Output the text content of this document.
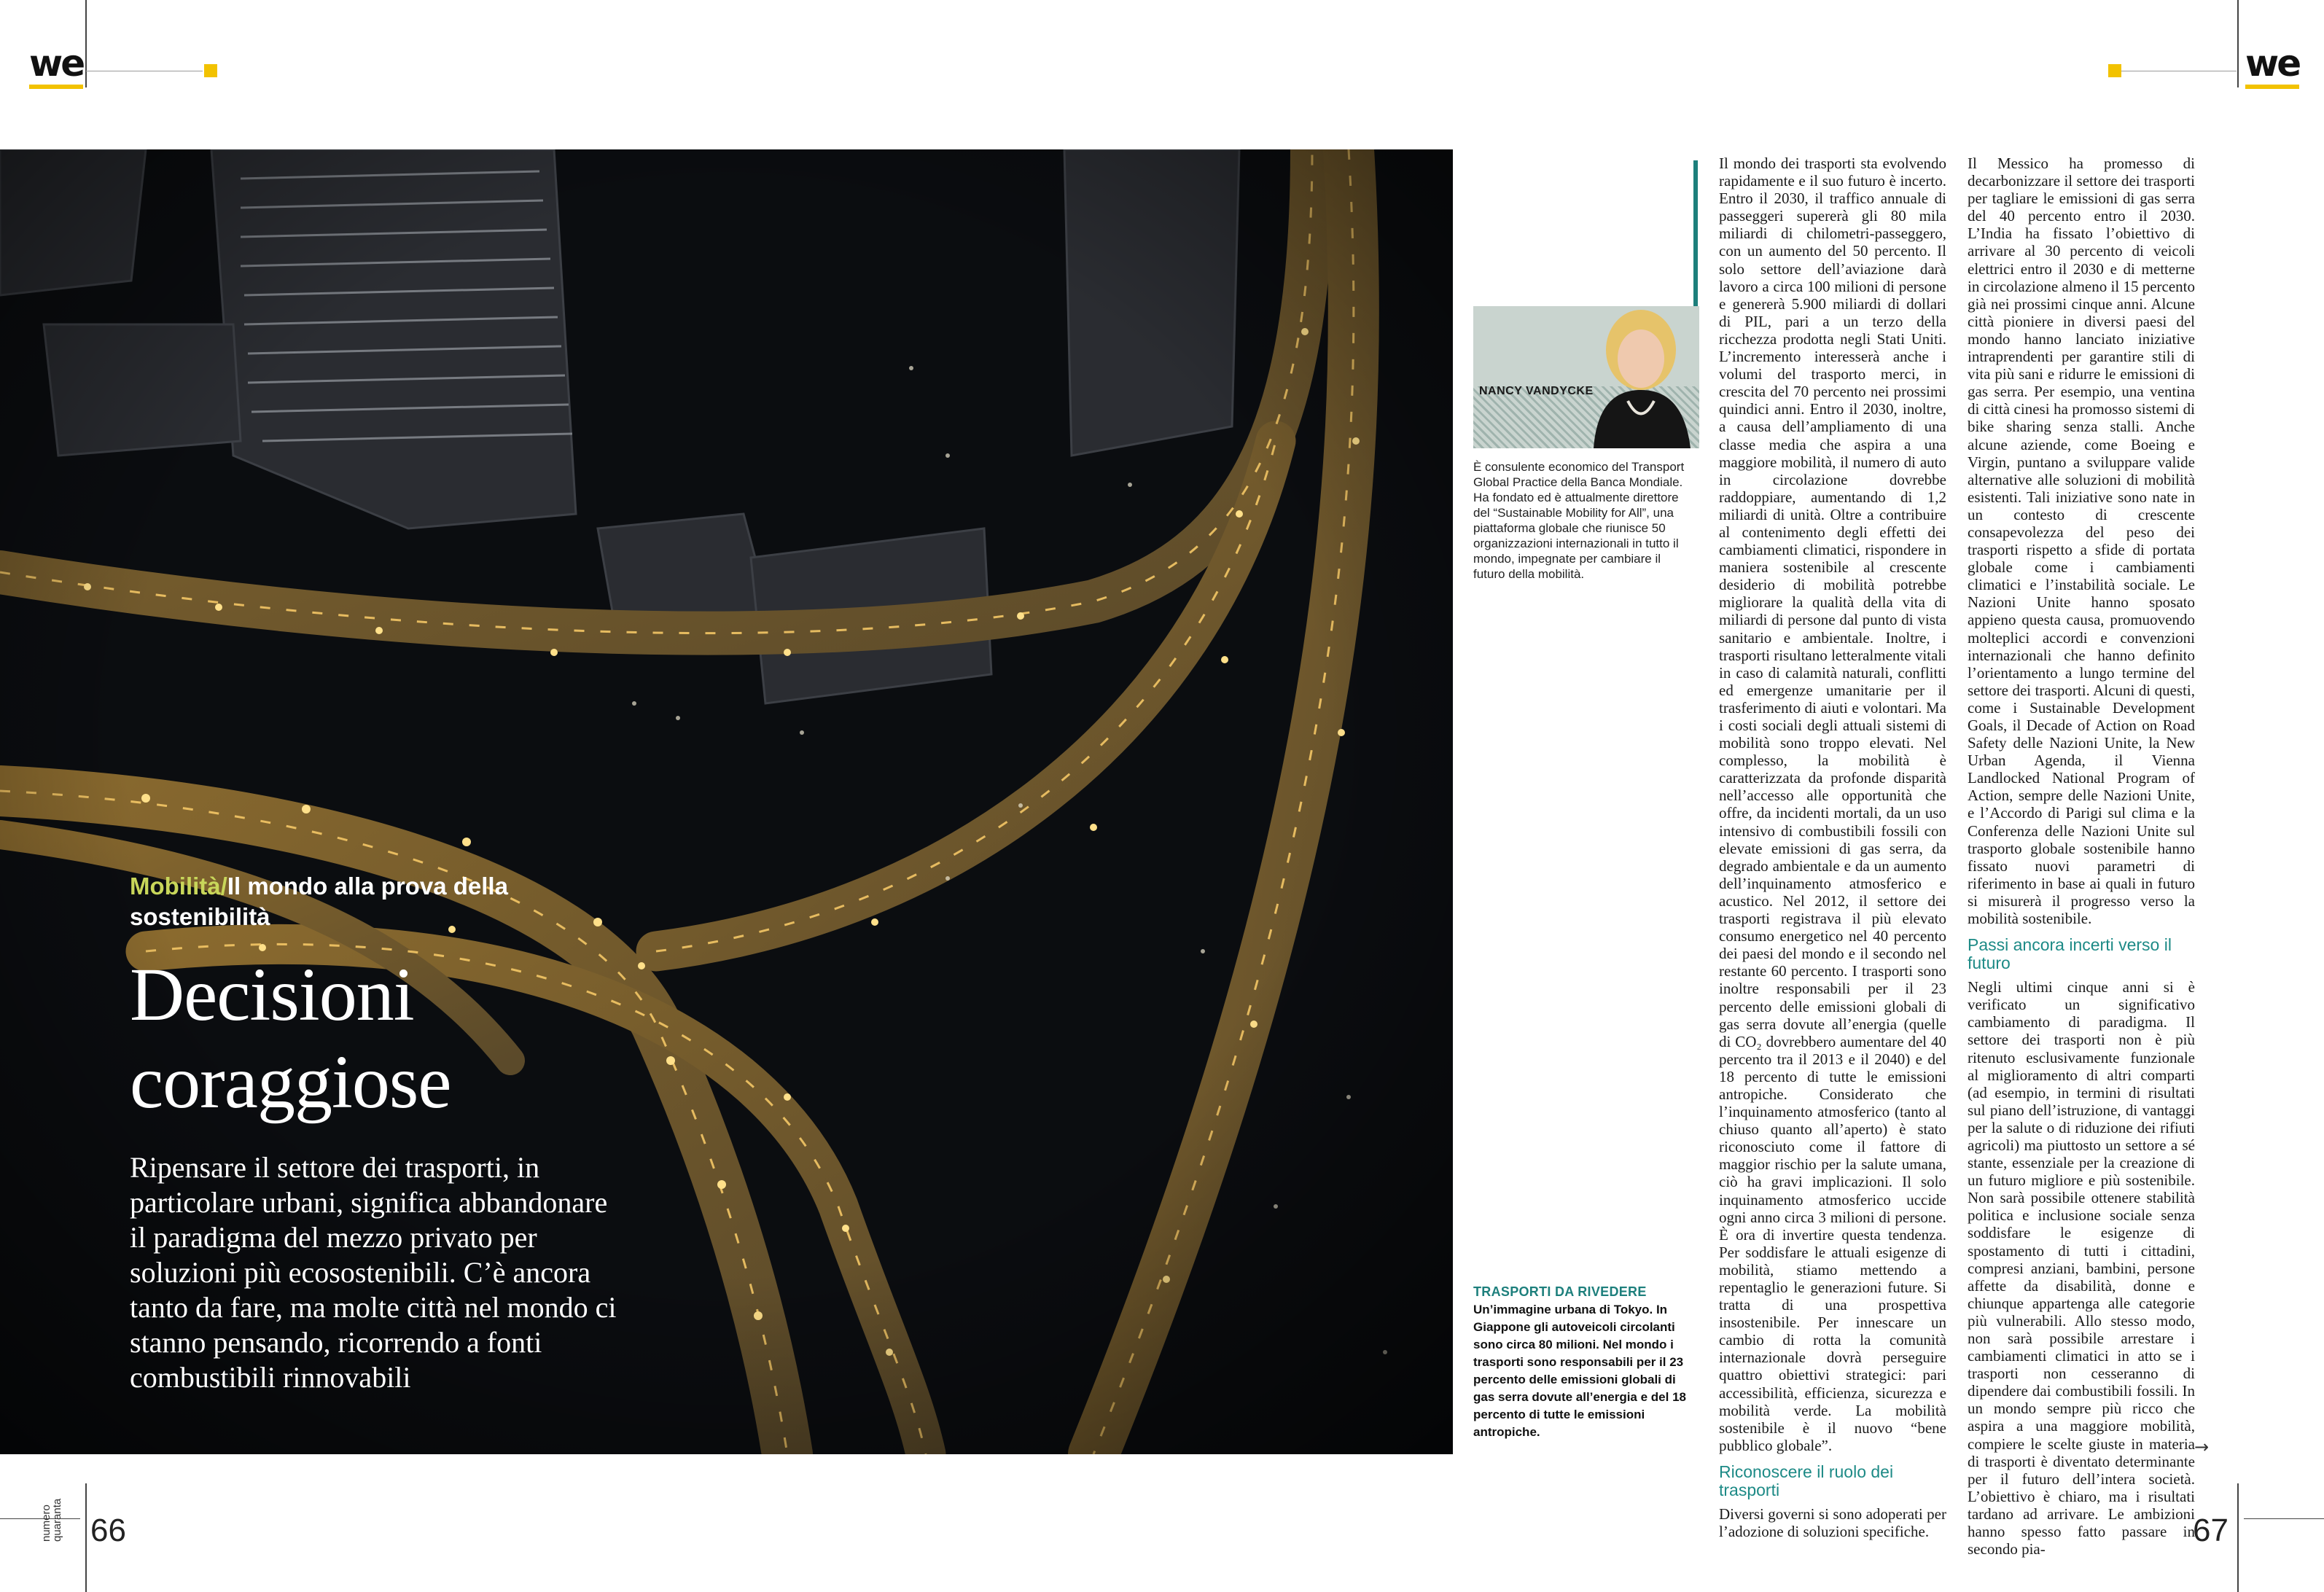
we	we
Mobilità/Il mondo alla prova della sostenibilità
Decisioni
coraggiose
Ripensare il settore dei trasporti, in particolare urbani, significa abbandonare il paradigma del mezzo privato per soluzioni più ecosostenibili. C’è ancora tanto da fare, ma molte città nel mondo ci stanno pensando, ricorrendo a fonti combustibili rinnovabili
NANCY VANDYCKE
È consulente economico del Transport Global Practice della Banca Mondiale. Ha fondato ed è attualmente direttore del “Sustainable Mobility for All”, una piattaforma globale che riunisce 50 organizzazioni internazionali in tutto il mondo, impegnate per cambiare il futuro della mobilità.
TRASPORTI DA RIVEDERE
Un’immagine urbana di Tokyo. In Giappone gli autoveicoli circolanti sono circa 80 milioni. Nel mondo i trasporti sono responsabili per il 23 percento delle emissioni globali di gas serra dovute all’energia e del 18 percento di tutte le emissioni antropiche.

Il mondo dei trasporti sta evolvendo rapidamente e il suo futuro è incerto. Entro il 2030, il traffico annuale di passeggeri supererà gli 80 mila miliardi di chilometri-passeggero, con un aumento del 50 percento. Il solo settore dell’aviazione darà lavoro a circa 100 milioni di persone e genererà 5.900 miliardi di dollari di PIL, pari a un terzo della ricchezza prodotta negli Stati Uniti. L’incremento interesserà anche i volumi del trasporto merci, in crescita del 70 percento nei prossimi quindici anni. Entro il 2030, inoltre, a causa dell’ampliamento di una classe media che aspira a una maggiore mobilità, il numero di auto in circolazione dovrebbe raddoppiare, aumentando di 1,2 miliardi di unità. Oltre a contribuire al contenimento degli effetti dei cambiamenti climatici, rispondere in maniera sostenibile al crescente desiderio di mobilità potrebbe migliorare la qualità della vita di miliardi di persone dal punto di vista sanitario e ambientale. Inoltre, i trasporti risultano letteralmente vitali in caso di calamità naturali, conflitti ed emergenze umanitarie per il trasferimento di aiuti e volontari. Ma i costi sociali degli attuali sistemi di mobilità sono troppo elevati. Nel complesso, la mobilità è caratterizzata da profonde disparità nell’accesso alle opportunità che offre, da incidenti mortali, da un uso intensivo di combustibili fossili con elevate emissioni di gas serra, da degrado ambientale e da un aumento dell’inquinamento atmosferico e acustico. Nel 2012, il settore dei trasporti registrava il più elevato consumo energetico nel 40 percento dei paesi del mondo e il secondo nel restante 60 percento. I trasporti sono inoltre responsabili per il 23 percento delle emissioni globali di gas serra dovute all’energia (quelle di CO₂ dovrebbero aumentare del 40 percento tra il 2013 e il 2040) e del 18 percento di tutte le emissioni antropiche. Considerato che l’inquinamento atmosferico (tanto al chiuso quanto all’aperto) è stato riconosciuto come il fattore di maggior rischio per la salute umana, ciò ha gravi implicazioni. Il solo inquinamento atmosferico uccide ogni anno circa 3 milioni di persone. È ora di invertire questa tendenza. Per soddisfare le attuali esigenze di mobilità, stiamo mettendo a repentaglio le generazioni future. Si tratta di una prospettiva insostenibile. Per innescare un cambio di rotta la comunità internazionale dovrà perseguire quattro obiettivi strategici: pari accessibilità, efficienza, sicurezza e mobilità verde. La mobilità sostenibile è il nuovo “bene pubblico globale”.

Riconoscere il ruolo dei trasporti

Diversi governi si sono adoperati per l’adozione di soluzioni specifiche.

Il Messico ha promesso di decarbonizzare il settore dei trasporti per tagliare le emissioni di gas serra del 40 percento entro il 2030. L’India ha fissato l’obiettivo di arrivare al 30 percento di veicoli elettrici entro il 2030 e di metterne in circolazione almeno il 15 percento già nei prossimi cinque anni. Alcune città pioniere in diversi paesi del mondo hanno lanciato iniziative intraprendenti per garantire stili di vita più sani e ridurre le emissioni di gas serra. Per esempio, una ventina di città cinesi ha promosso sistemi di bike sharing senza stalli. Anche alcune aziende, come Boeing e Virgin, puntano a sviluppare valide alternative alle soluzioni di mobilità esistenti. Tali iniziative sono nate in un contesto di crescente consapevolezza del peso dei trasporti rispetto a sfide di portata globale come i cambiamenti climatici e l’instabilità sociale. Le Nazioni Unite hanno sposato appieno questa causa, promuovendo molteplici accordi e convenzioni internazionali che hanno definito l’orientamento a lungo termine del settore dei trasporti. Alcuni di questi, come i Sustainable Development Goals, il Decade of Action on Road Safety delle Nazioni Unite, la New Urban Agenda, il Vienna Landlocked National Program of Action, sempre delle Nazioni Unite, e l’Accordo di Parigi sul clima e la Conferenza delle Nazioni Unite sul trasporto globale sostenibile hanno fissato nuovi parametri di riferimento in base ai quali in futuro si misurerà il progresso verso la mobilità sostenibile.

Passi ancora incerti verso il futuro

Negli ultimi cinque anni si è verificato un significativo cambiamento di paradigma. Il settore dei trasporti non è più ritenuto esclusivamente funzionale al miglioramento di altri comparti (ad esempio, in termini di risultati sul piano dell’istruzione, di vantaggi per la salute o di riduzione dei rifiuti agricoli) ma piuttosto un settore a sé stante, essenziale per la creazione di un futuro migliore e più sostenibile. Non sarà possibile ottenere stabilità politica e inclusione sociale senza soddisfare le esigenze di spostamento di tutti i cittadini, compresi anziani, bambini, persone affette da disabilità, donne e chiunque appartenga alle categorie più vulnerabili. Allo stesso modo, non sarà possibile arrestare i cambiamenti climatici in atto se i trasporti non cesseranno di dipendere dai combustibili fossili. In un mondo sempre più ricco che aspira a una maggiore mobilità, compiere le scelte giuste in materia di trasporti è diventato determinante per il futuro dell’intera società. L’obiettivo è chiaro, ma i risultati tardano ad arrivare. Le ambizioni hanno spesso fatto passare in secondo pia-

→
numero quaranta 66	67
